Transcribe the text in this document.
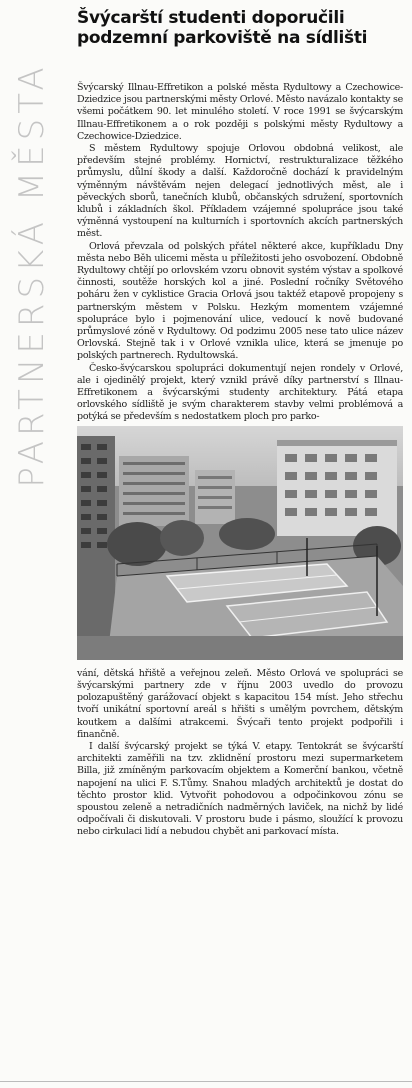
PARTNERSKÁ MĚSTA
Švýcarští studenti doporučili
podzemní parkoviště na sídlišti

Švýcarský Illnau-Effretikon a polské města Rydultowy a Czechowice-Dziedzice jsou partnerskými městy Orlové. Město navázalo kontakty se všemi počátkem 90. let minulého století. V roce 1991 se švýcarským Illnau-Effretikonem a o rok později s polskými městy Rydultowy a Czechowice-Dziedzice.

S městem Rydultowy spojuje Orlovou obdobná velikost, ale především stejné problémy. Hornictví, restrukturalizace těžkého průmyslu, důlní škody a další. Každoročně dochází k pravidelným výměnným návštěvám nejen delegací jednotlivých měst, ale i pěveckých sborů, tanečních klubů, občanských sdružení, sportovních klubů i základních škol. Příkladem vzájemné spolupráce jsou také výměnná vystoupení na kulturních i sportovních akcích partnerských měst.

Orlová převzala od polských přátel některé akce, kupříkladu Dny města nebo Běh ulicemi města u příležitosti jeho osvobození. Obdobně Rydultowy chtějí po orlovském vzoru obnovit systém výstav a spolkové činnosti, soutěže horských kol a jiné. Poslední ročníky Světového poháru žen v cyklistice Gracia Orlová jsou taktéž etapově propojeny s partnerským městem v Polsku. Hezkým momentem vzájemné spolupráce bylo i pojmenování ulice, vedoucí k nově budované průmyslové zóně v Rydultowy. Od podzimu 2005 nese tato ulice název Orlovská. Stejně tak i v Orlové vznikla ulice, která se jmenuje po polských partnerech. Rydultowská.

Česko-švýcarskou spolupráci dokumentují nejen rondely v Orlové, ale i ojedinělý projekt, který vznikl právě díky partnerství s Illnau-Effretikonem a švýcarskými studenty architektury. Pátá etapa orlovského sídliště je svým charakterem stavby velmi problémová a potýká se především s nedostatkem ploch pro parko-

vání, dětská hřiště a veřejnou zeleň. Město Orlová ve spolupráci se švýcarskými partnery zde v říjnu 2003 uvedlo do provozu polozapuštěný garážovací objekt s kapacitou 154 míst. Jeho střechu tvoří unikátní sportovní areál s hřišti s umělým povrchem, dětským koutkem a dalšími atrakcemi. Švýcaři tento projekt podpořili i finančně.

I další švýcarský projekt se týká V. etapy. Tentokrát se švýcarští architekti zaměřili na tzv. zklidnění prostoru mezi supermarketem Billa, již zmíněným parkovacím objektem a Komerční bankou, včetně napojení na ulici F. S.Tůmy. Snahou mladých architektů je dostat do těchto prostor klid. Vytvořit pohodovou a odpočinkovou zónu se spoustou zeleně a netradičních nadměrných laviček, na nichž by lidé odpočívali či diskutovali. V prostoru bude i pásmo, sloužící k provozu nebo cirkulaci lidí a nebudou chybět ani parkovací místa.
